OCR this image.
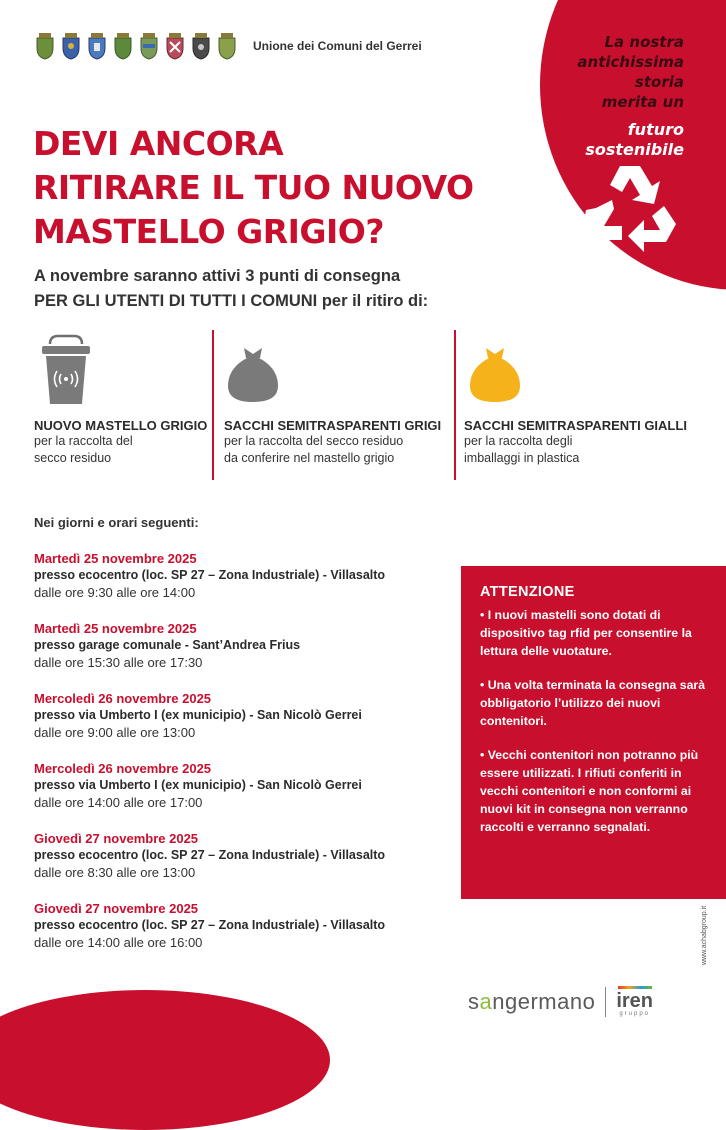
La nostra
antichissima
storia
merita un
futuro
sostenibile
Unione dei Comuni del Gerrei
DEVI ANCORA
RITIRARE IL TUO NUOVO
MASTELLO GRIGIO?
A novembre saranno attivi 3 punti di consegna
PER GLI UTENTI DI TUTTI I COMUNI per il ritiro di:
NUOVO MASTELLO GRIGIO
per la raccolta del
secco residuo
SACCHI SEMITRASPARENTI GRIGI
per la raccolta del secco residuo
da conferire nel mastello grigio
SACCHI SEMITRASPARENTI GIALLI
per la raccolta degli
imballaggi in plastica
Nei giorni e orari seguenti:
Martedì 25 novembre 2025
presso ecocentro (loc. SP 27 – Zona Industriale) - Villasalto
dalle ore 9:30 alle ore 14:00
Martedì 25 novembre 2025
presso garage comunale - Sant’Andrea Frius
dalle ore 15:30 alle ore 17:30
Mercoledì 26 novembre 2025
presso via Umberto I (ex municipio) - San Nicolò Gerrei
dalle ore 9:00 alle ore 13:00
Mercoledì 26 novembre 2025
presso via Umberto I (ex municipio) - San Nicolò Gerrei
dalle ore 14:00 alle ore 17:00
Giovedì 27 novembre 2025
presso ecocentro (loc. SP 27 – Zona Industriale) - Villasalto
dalle ore 8:30 alle ore 13:00
Giovedì 27 novembre 2025
presso ecocentro (loc. SP 27 – Zona Industriale) - Villasalto
dalle ore 14:00 alle ore 16:00
ATTENZIONE
• I nuovi mastelli sono dotati di dispositivo tag rfid per consentire la lettura delle vuotature.
• Una volta terminata la consegna sarà obbligatorio l’utilizzo dei nuovi contenitori.
• Vecchi contenitori non potranno più essere utilizzati. I rifiuti conferiti in vecchi contenitori e non conformi ai nuovi kit in consegna non verranno raccolti e verranno segnalati.
sangermano iren
gruppo
www.achabgroup.it
